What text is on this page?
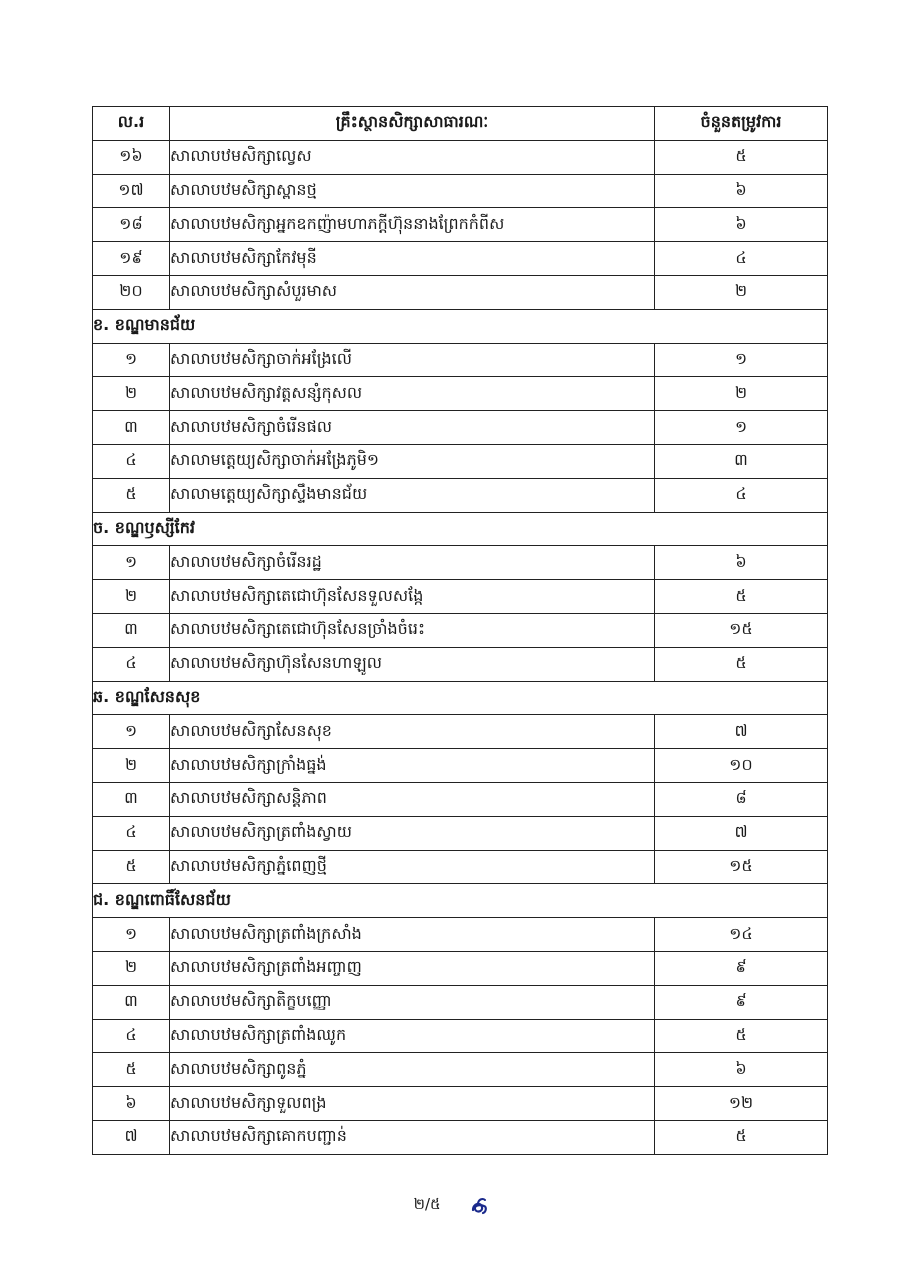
ល.រ	គ្រឹះស្ថានសិក្សាសាធារណៈ	ចំនួនតម្រូវការ
១៦	សាលាបឋមសិក្សាល្វេស	៥
១៧	សាលាបឋមសិក្សាស្ពានថ្ម	៦
១៨	សាលាបឋមសិក្សាអ្នកឧកញ៉ាមហាភក្តីហ៊ុននាងព្រែកកំពីស	៦
១៩	សាលាបឋមសិក្សាកែវមុនី	៤
២០	សាលាបឋមសិក្សាសំបួរមាស	២
ខ. ខណ្ឌមានជ័យ		
១	សាលាបឋមសិក្សាចាក់អង្រែលើ	១
២	សាលាបឋមសិក្សាវត្តសន្សំកុសល	២
៣	សាលាបឋមសិក្សាចំរើនផល	១
៤	សាលាមត្តេយ្យសិក្សាចាក់អង្រែភូមិ១	៣
៥	សាលាមត្តេយ្យសិក្សាស្ទឹងមានជ័យ	៤
ច. ខណ្ឌឫស្សីកែវ		
១	សាលាបឋមសិក្សាចំរើនរដ្ឋ	៦
២	សាលាបឋមសិក្សាតេជោហ៊ុនសែនទួលសង្កែ	៥
៣	សាលាបឋមសិក្សាតេជោហ៊ុនសែនច្រាំងចំរេះ	១៥
៤	សាលាបឋមសិក្សាហ៊ុនសែនហាឡូល	៥
ឆ. ខណ្ឌសែនសុខ		
១	សាលាបឋមសិក្សាសែនសុខ	៧
២	សាលាបឋមសិក្សាក្រាំងធ្នង់	១០
៣	សាលាបឋមសិក្សាសន្តិភាព	៨
៤	សាលាបឋមសិក្សាត្រពាំងស្វាយ	៧
៥	សាលាបឋមសិក្សាភ្នំពេញថ្មី	១៥
ជ. ខណ្ឌពោធិ៍សែនជ័យ		
១	សាលាបឋមសិក្សាត្រពាំងក្រសាំង	១៤
២	សាលាបឋមសិក្សាត្រពាំងអញ្ចាញ	៩
៣	សាលាបឋមសិក្សាតិក្ខបញ្ញោ	៩
៤	សាលាបឋមសិក្សាត្រពាំងឈូក	៥
៥	សាលាបឋមសិក្សាពូនភ្នំ	៦
៦	សាលាបឋមសិក្សាទួលពង្រ	១២
៧	សាលាបឋមសិក្សាគោកបញ្ជាន់	៥
២/៥
